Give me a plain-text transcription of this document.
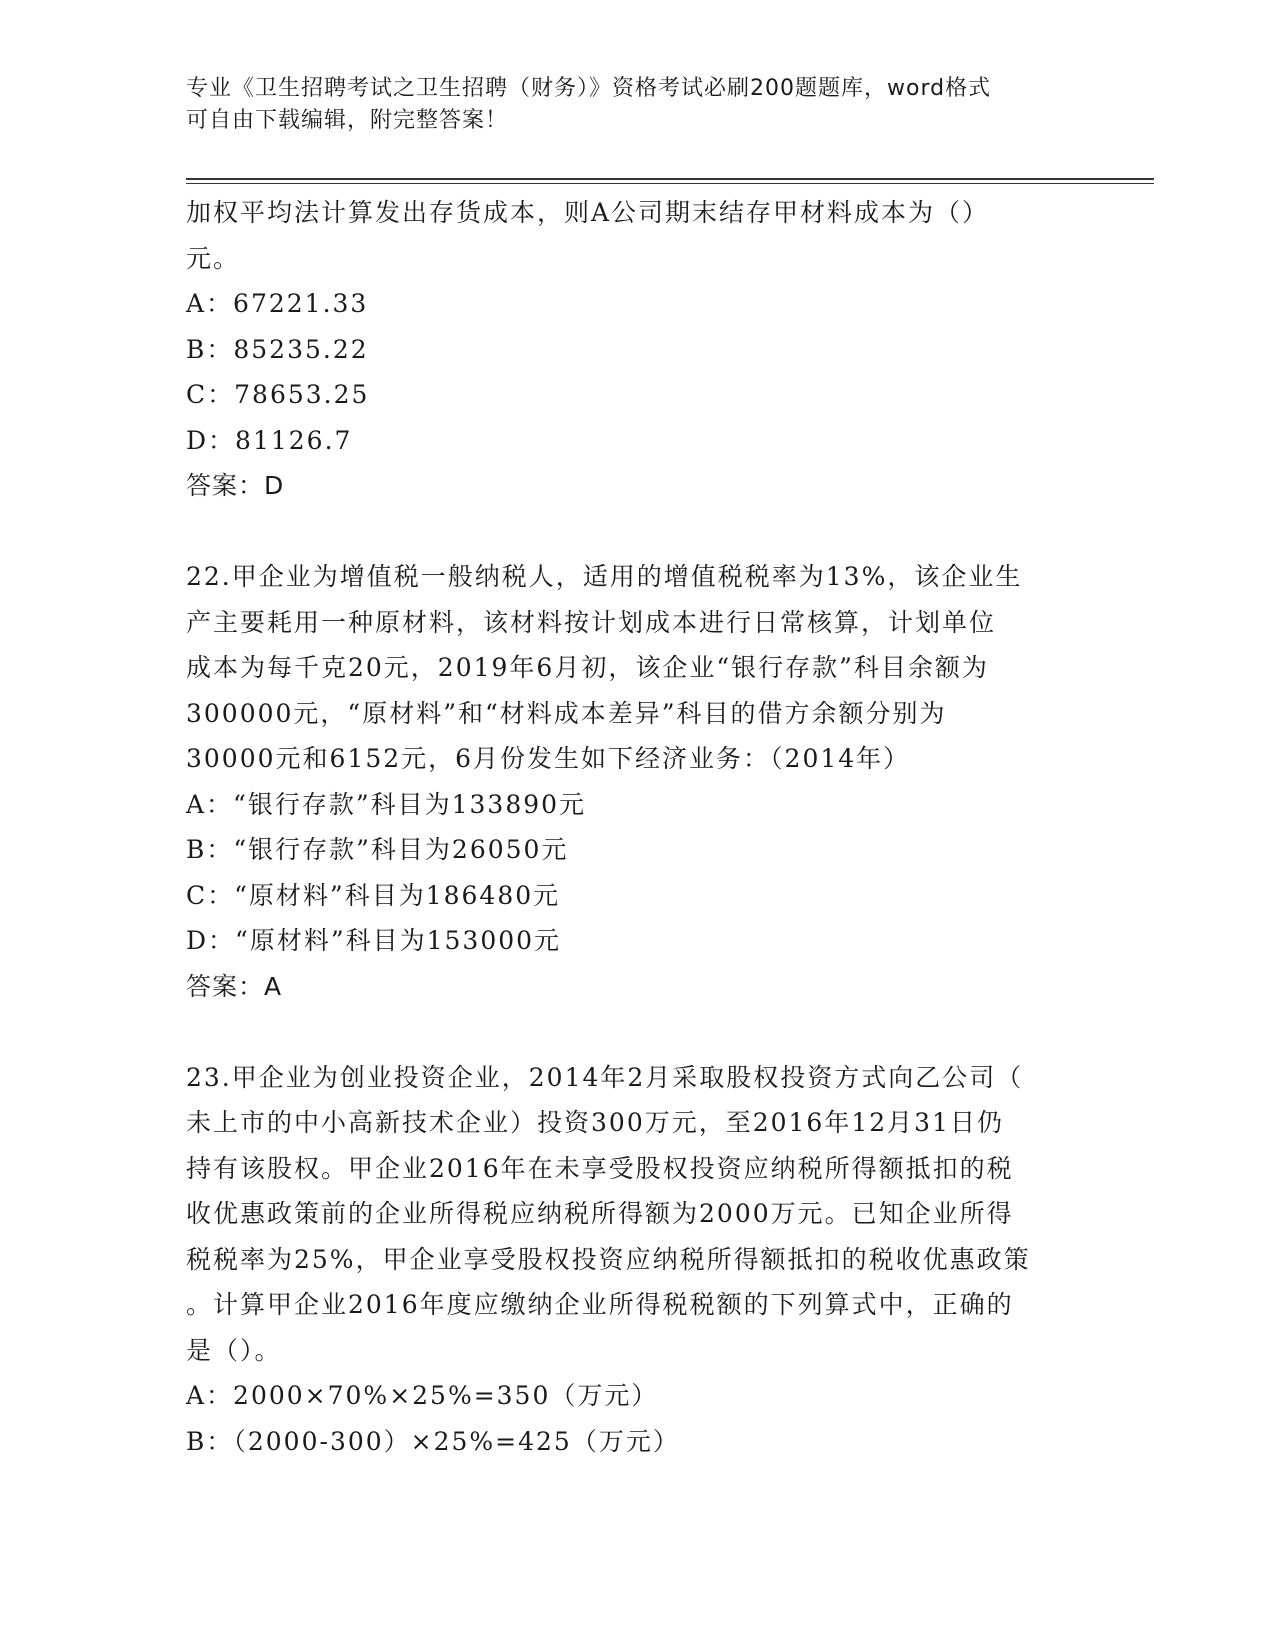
专业《卫生招聘考试之卫生招聘（财务）》资格考试必刷200题题库，word格式
可自由下载编辑，附完整答案！

加权平均法计算发出存货成本，则A公司期末结存甲材料成本为（）

元。

A：67221.33

B：85235.22

C：78653.25

D：81126.7

答案：D

22.甲企业为增值税一般纳税人，适用的增值税税率为13%，该企业生

产主要耗用一种原材料，该材料按计划成本进行日常核算，计划单位

成本为每千克20元，2019年6月初，该企业“银行存款”科目余额为

300000元，“原材料”和“材料成本差异”科目的借方余额分别为

30000元和6152元，6月份发生如下经济业务：（2014年）

A：“银行存款”科目为133890元

B：“银行存款”科目为26050元

C：“原材料”科目为186480元

D：“原材料”科目为153000元

答案：A

23.甲企业为创业投资企业，2014年2月采取股权投资方式向乙公司（

未上市的中小高新技术企业）投资300万元，至2016年12月31日仍

持有该股权。甲企业2016年在未享受股权投资应纳税所得额抵扣的税

收优惠政策前的企业所得税应纳税所得额为2000万元。已知企业所得

税税率为25%，甲企业享受股权投资应纳税所得额抵扣的税收优惠政策

。计算甲企业2016年度应缴纳企业所得税税额的下列算式中，正确的

是（）。

A：2000×70%×25%=350（万元）

B：（2000-300）×25%=425（万元）
